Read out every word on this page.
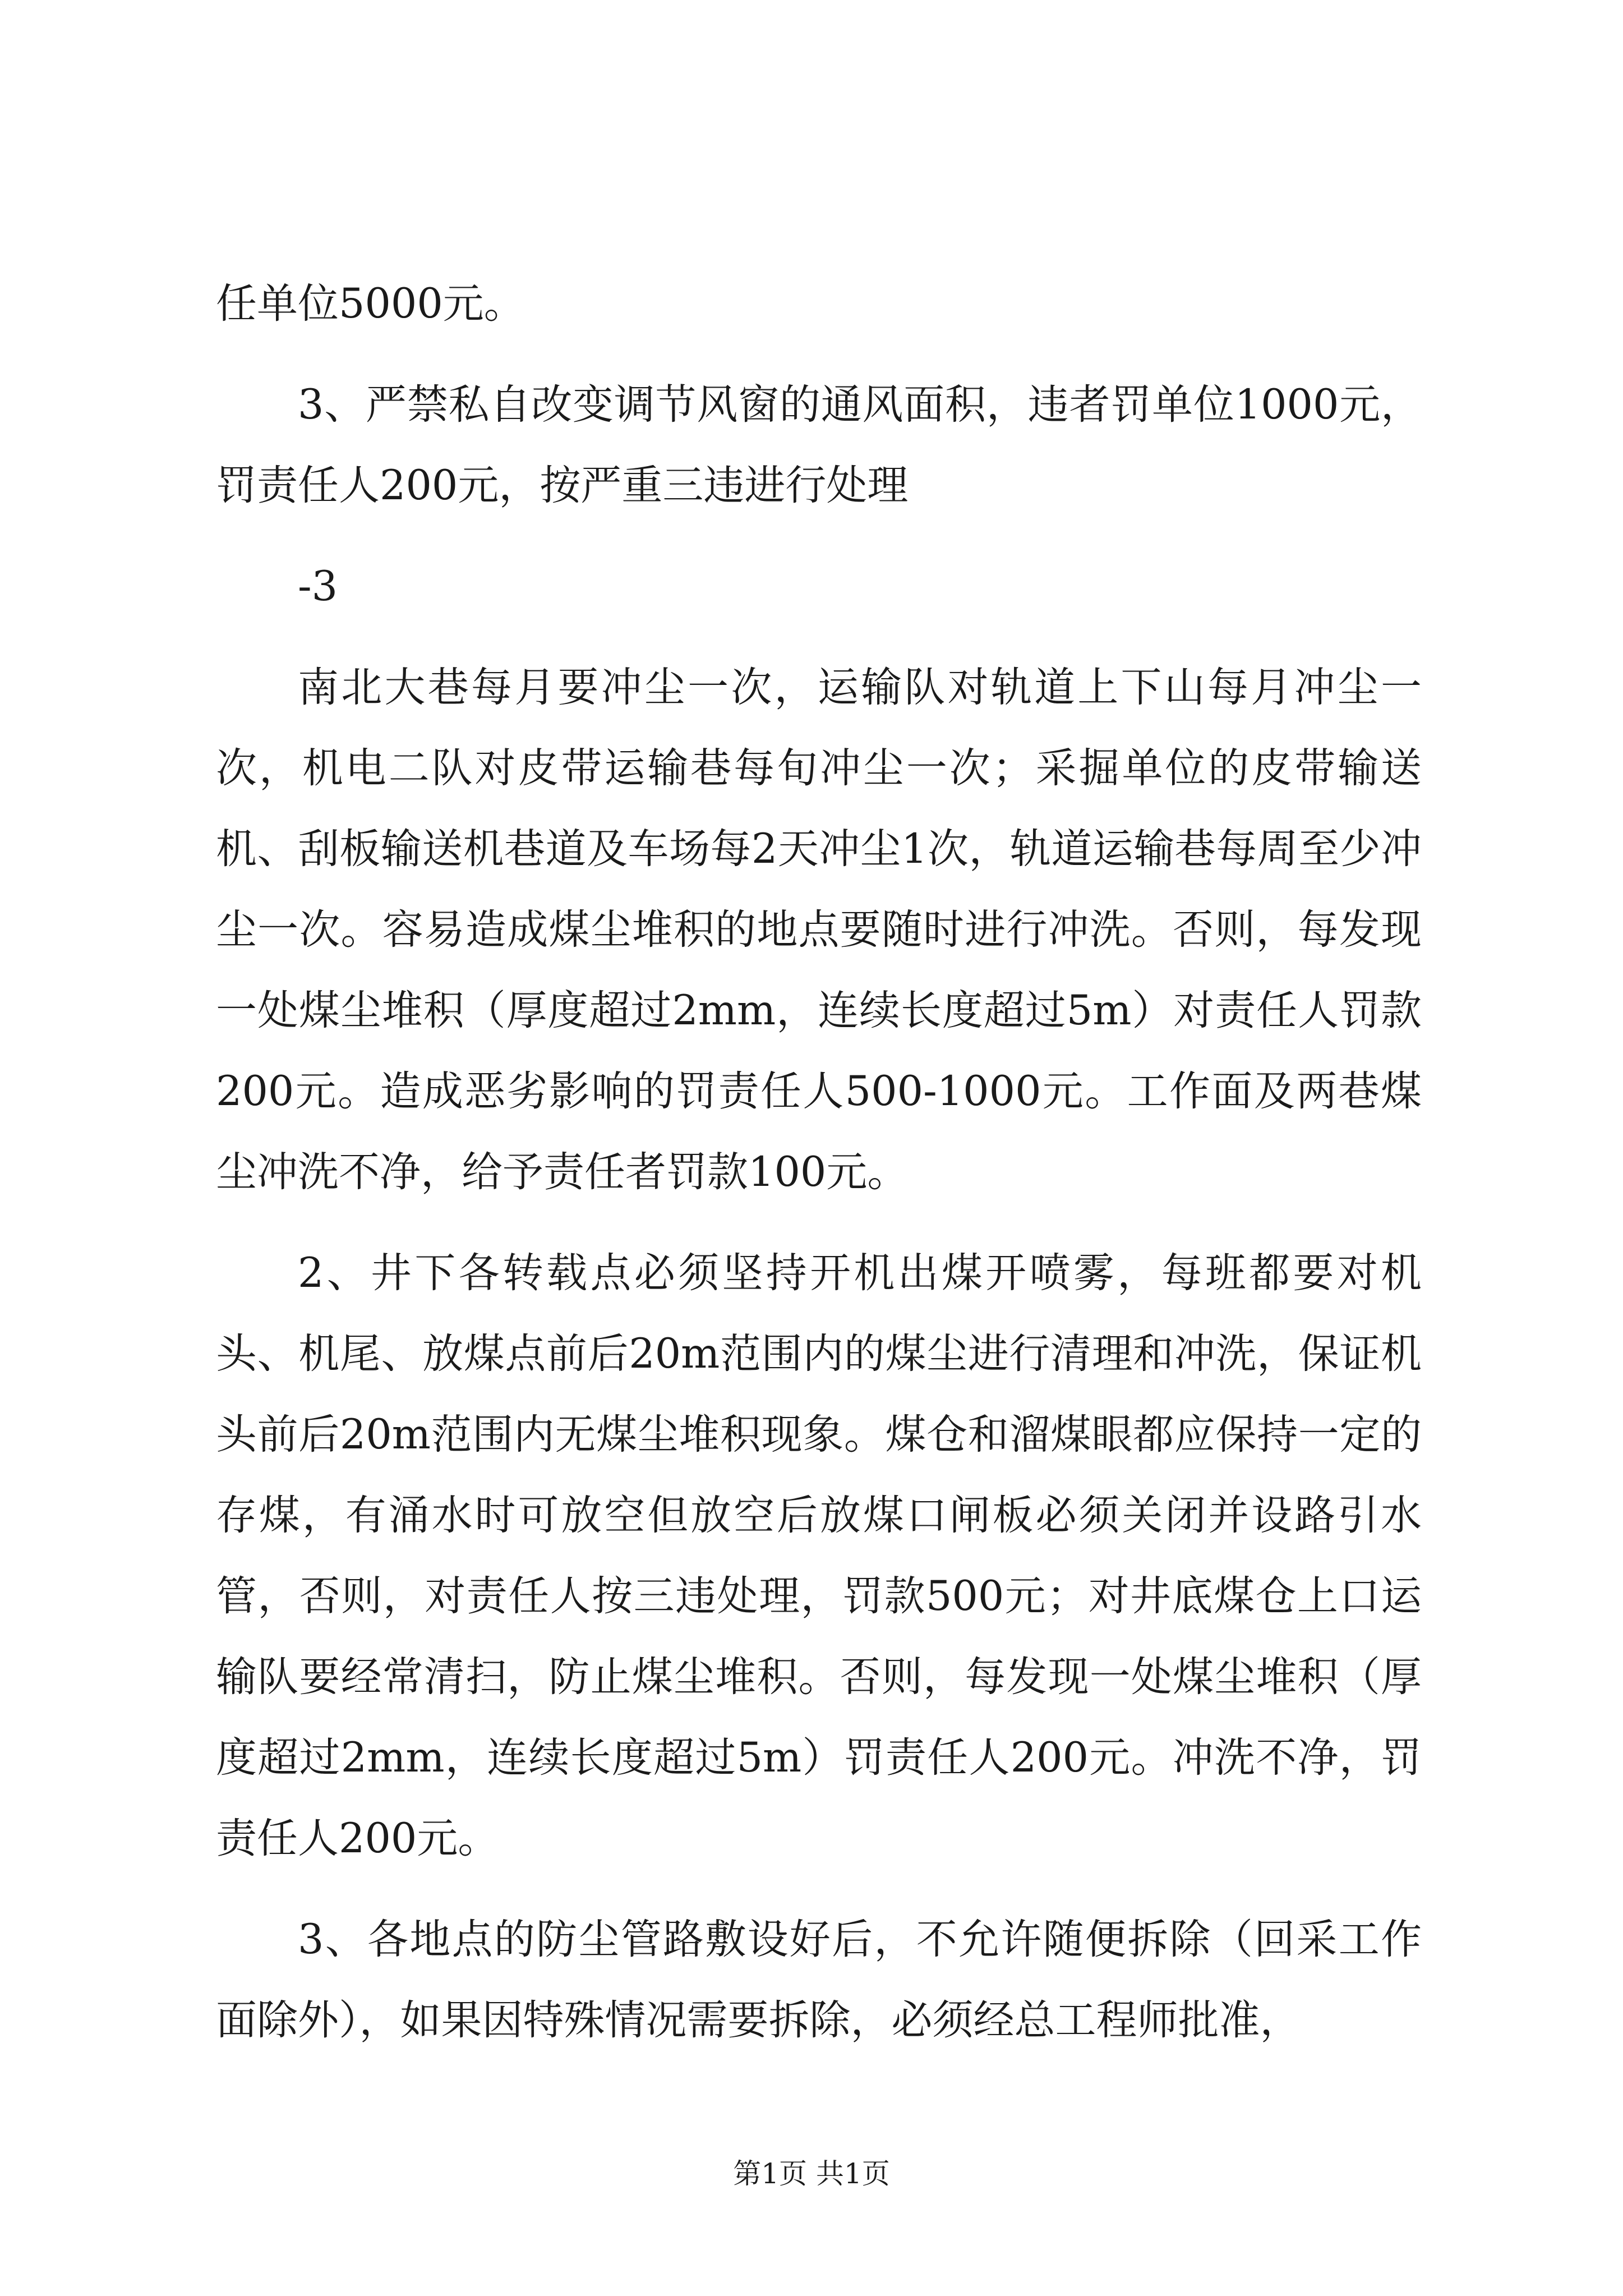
任单位5000元。

3、严禁私自改变调节风窗的通风面积，违者罚单位1000元，罚责任人200元，按严重三违进行处理

-3

南北大巷每月要冲尘一次，运输队对轨道上下山每月冲尘一次，机电二队对皮带运输巷每旬冲尘一次；采掘单位的皮带输送机、刮板输送机巷道及车场每2天冲尘1次，轨道运输巷每周至少冲尘一次。容易造成煤尘堆积的地点要随时进行冲洗。否则，每发现一处煤尘堆积（厚度超过2mm，连续长度超过5m）对责任人罚款200元。造成恶劣影响的罚责任人500-1000元。工作面及两巷煤尘冲洗不净，给予责任者罚款100元。

2、井下各转载点必须坚持开机出煤开喷雾，每班都要对机头、机尾、放煤点前后20m范围内的煤尘进行清理和冲洗，保证机头前后20m范围内无煤尘堆积现象。煤仓和溜煤眼都应保持一定的存煤，有涌水时可放空但放空后放煤口闸板必须关闭并设路引水管，否则，对责任人按三违处理，罚款500元；对井底煤仓上口运输队要经常清扫，防止煤尘堆积。否则，每发现一处煤尘堆积（厚度超过2mm，连续长度超过5m）罚责任人200元。冲洗不净，罚责任人200元。

3、各地点的防尘管路敷设好后，不允许随便拆除（回采工作面除外），如果因特殊情况需要拆除，必须经总工程师批准，

第1页 共1页
